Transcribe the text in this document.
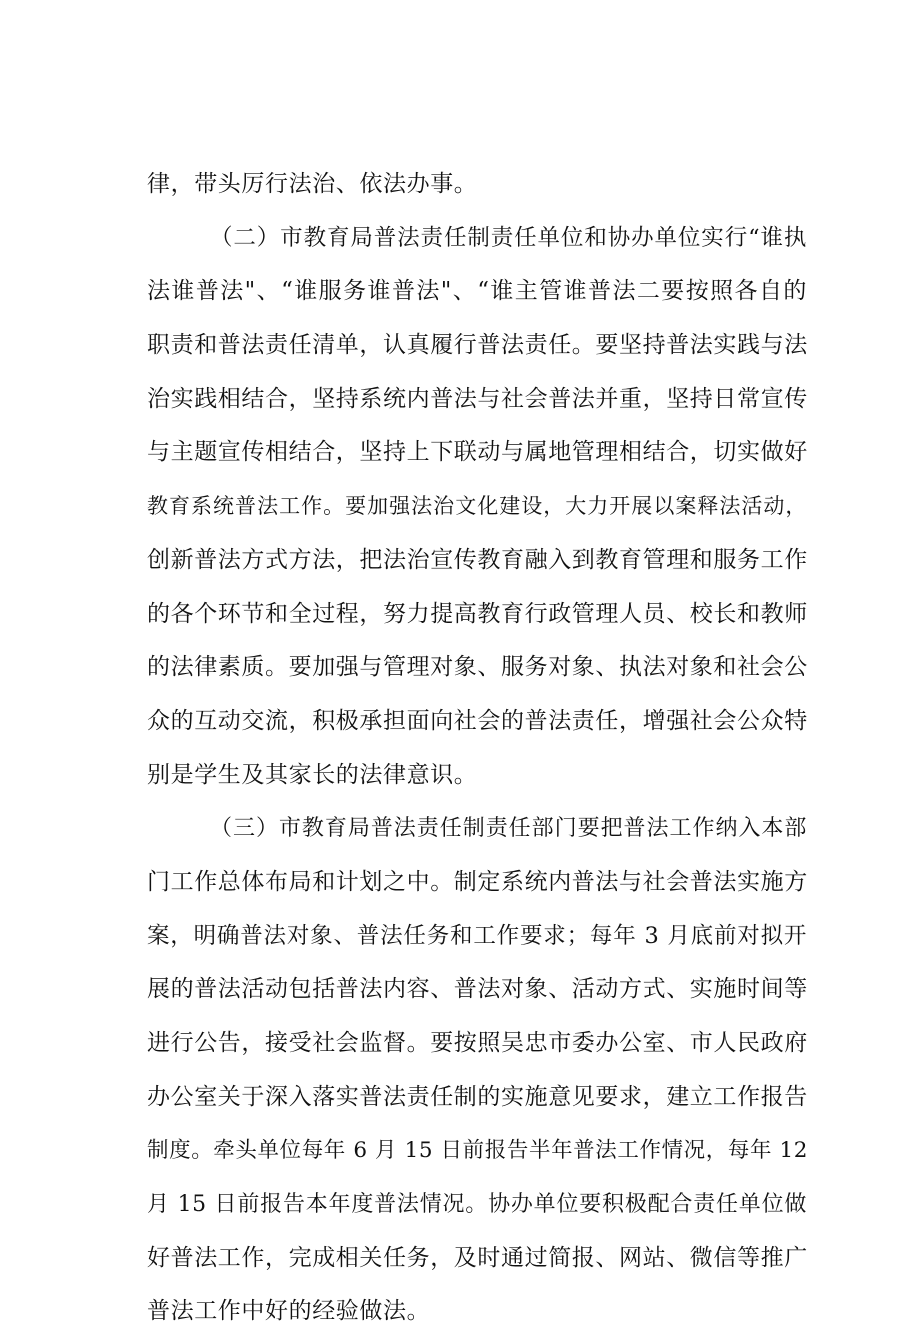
律，带头厉行法治、依法办事。

（二）市教育局普法责任制责任单位和协办单位实行“谁执

法谁普法"、“谁服务谁普法"、“谁主管谁普法二要按照各自的

职责和普法责任清单，认真履行普法责任。要坚持普法实践与法

治实践相结合，坚持系统内普法与社会普法并重，坚持日常宣传

与主题宣传相结合，坚持上下联动与属地管理相结合，切实做好

教育系统普法工作。要加强法治文化建设，大力开展以案释法活动，

创新普法方式方法，把法治宣传教育融入到教育管理和服务工作

的各个环节和全过程，努力提高教育行政管理人员、校长和教师

的法律素质。要加强与管理对象、服务对象、执法对象和社会公

众的互动交流，积极承担面向社会的普法责任，增强社会公众特

别是学生及其家长的法律意识。

（三）市教育局普法责任制责任部门要把普法工作纳入本部

门工作总体布局和计划之中。制定系统内普法与社会普法实施方

案，明确普法对象、普法任务和工作要求；每年 3 月底前对拟开

展的普法活动包括普法内容、普法对象、活动方式、实施时间等

进行公告，接受社会监督。要按照吴忠市委办公室、市人民政府

办公室关于深入落实普法责任制的实施意见要求，建立工作报告

制度。牵头单位每年 6 月 15 日前报告半年普法工作情况，每年 12

月 15 日前报告本年度普法情况。协办单位要积极配合责任单位做

好普法工作，完成相关任务，及时通过简报、网站、微信等推广

普法工作中好的经验做法。
